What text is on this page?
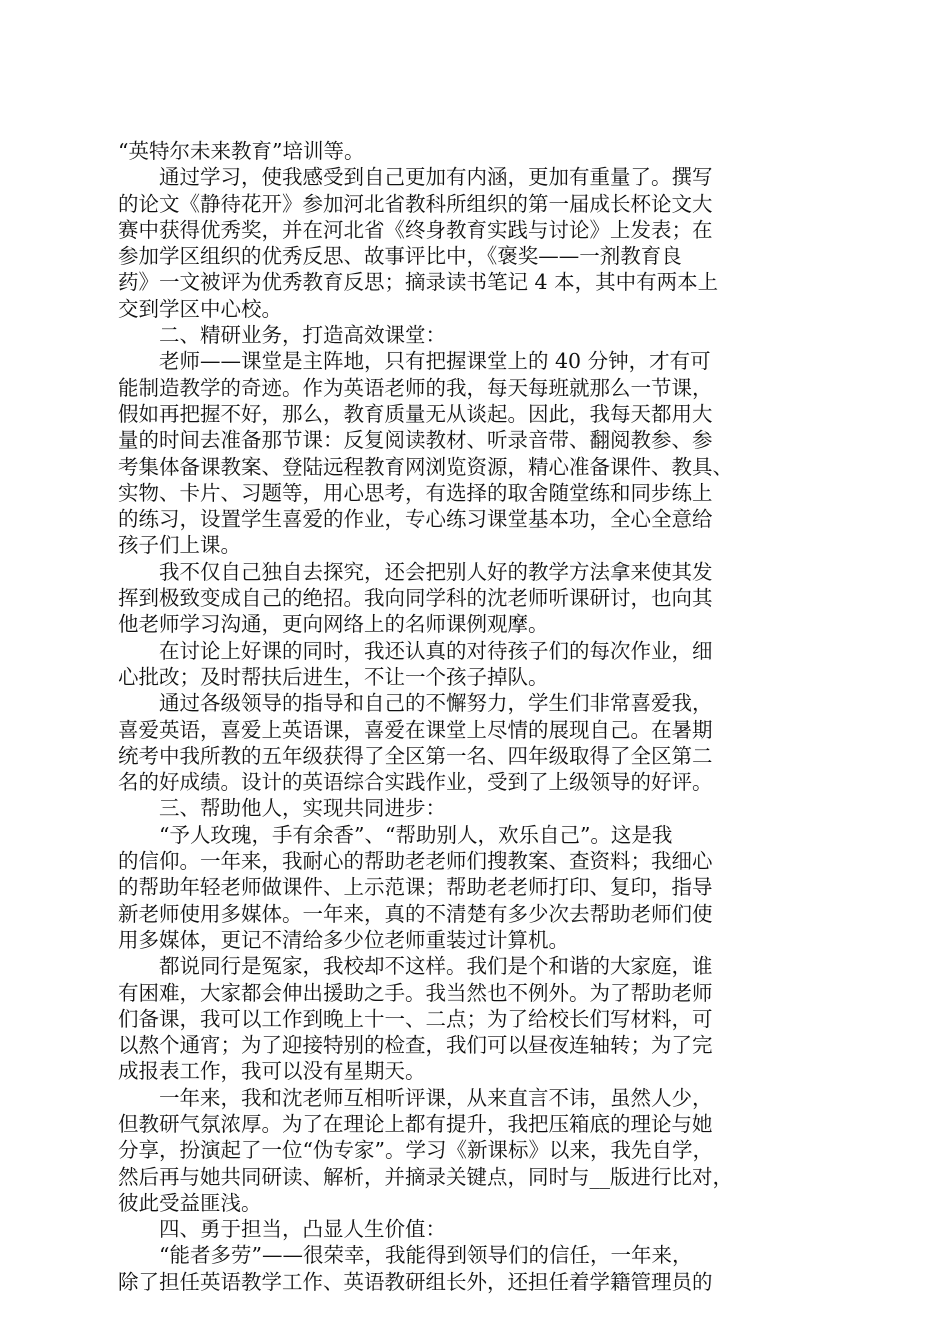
“英特尔未来教育”培训等。
　　通过学习，使我感受到自己更加有内涵，更加有重量了。撰写
的论文《静待花开》参加河北省教科所组织的第一届成长杯论文大
赛中获得优秀奖，并在河北省《终身教育实践与讨论》上发表；在
参加学区组织的优秀反思、故事评比中，《褒奖——一剂教育良
药》一文被评为优秀教育反思；摘录读书笔记 4 本，其中有两本上
交到学区中心校。
　　二、精研业务，打造高效课堂：
　　老师——课堂是主阵地，只有把握课堂上的 40 分钟，才有可
能制造教学的奇迹。作为英语老师的我，每天每班就那么一节课，
假如再把握不好，那么，教育质量无从谈起。因此，我每天都用大
量的时间去准备那节课：反复阅读教材、听录音带、翻阅教参、参
考集体备课教案、登陆远程教育网浏览资源，精心准备课件、教具、
实物、卡片、习题等，用心思考，有选择的取舍随堂练和同步练上
的练习，设置学生喜爱的作业，专心练习课堂基本功，全心全意给
孩子们上课。
　　我不仅自己独自去探究，还会把别人好的教学方法拿来使其发
挥到极致变成自己的绝招。我向同学科的沈老师听课研讨，也向其
他老师学习沟通，更向网络上的名师课例观摩。
　　在讨论上好课的同时，我还认真的对待孩子们的每次作业，细
心批改；及时帮扶后进生，不让一个孩子掉队。
　　通过各级领导的指导和自己的不懈努力，学生们非常喜爱我，
喜爱英语，喜爱上英语课，喜爱在课堂上尽情的展现自己。在暑期
统考中我所教的五年级获得了全区第一名、四年级取得了全区第二
名的好成绩。设计的英语综合实践作业，受到了上级领导的好评。
　　三、帮助他人，实现共同进步：
　　“予人玫瑰，手有余香”、“帮助别人，欢乐自己”。这是我
的信仰。一年来，我耐心的帮助老老师们搜教案、查资料；我细心
的帮助年轻老师做课件、上示范课；帮助老老师打印、复印，指导
新老师使用多媒体。一年来，真的不清楚有多少次去帮助老师们使
用多媒体，更记不清给多少位老师重装过计算机。
　　都说同行是冤家，我校却不这样。我们是个和谐的大家庭，谁
有困难，大家都会伸出援助之手。我当然也不例外。为了帮助老师
们备课，我可以工作到晚上十一、二点；为了给校长们写材料，可
以熬个通宵；为了迎接特别的检查，我们可以昼夜连轴转；为了完
成报表工作，我可以没有星期天。
　　一年来，我和沈老师互相听评课，从来直言不讳，虽然人少，
但教研气氛浓厚。为了在理论上都有提升，我把压箱底的理论与她
分享，扮演起了一位“伪专家”。学习《新课标》以来，我先自学，
然后再与她共同研读、解析，并摘录关键点，同时与__版进行比对，
彼此受益匪浅。
　　四、勇于担当，凸显人生价值：
　　“能者多劳”——很荣幸，我能得到领导们的信任，一年来，
除了担任英语教学工作、英语教研组长外，还担任着学籍管理员的
